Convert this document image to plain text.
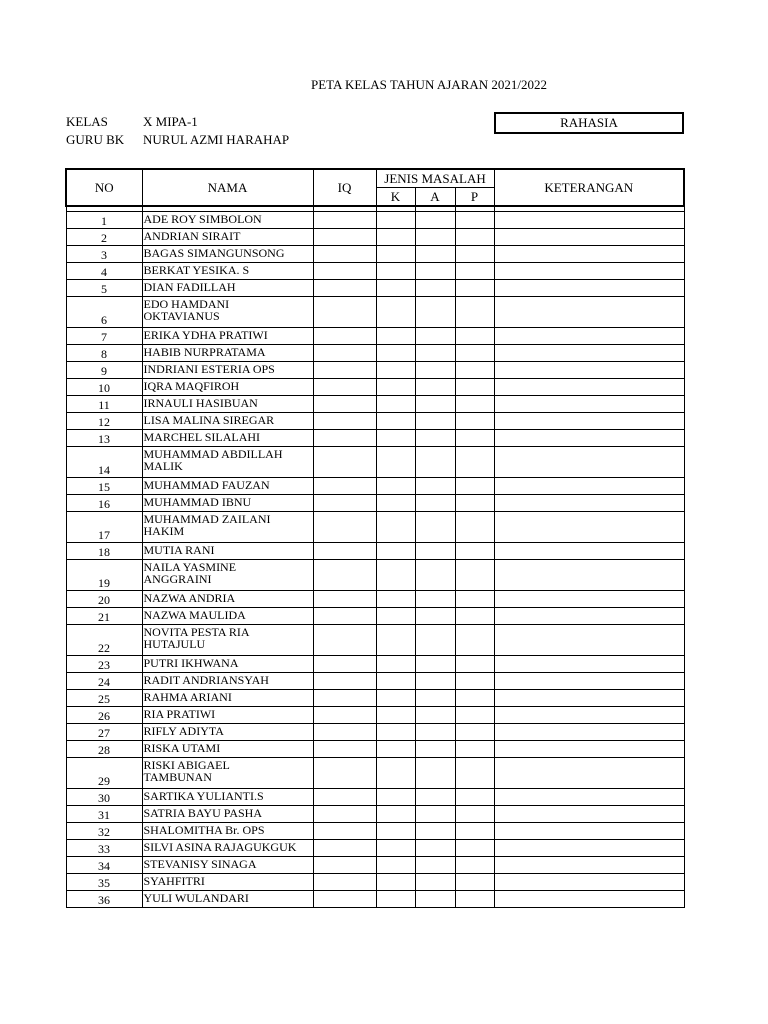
PETA KELAS TAHUN AJARAN 2021/2022
KELAS	X MIPA-1
GURU BK NURUL AZMI HARAHAP
RAHASIA
NO	NAMA	IQ	JENIS MASALAH			KETERANGAN
			K	A	P	

1	ADE ROY SIMBOLON					
2	ANDRIAN SIRAIT					
3	BAGAS SIMANGUNSONG					
4	BERKAT YESIKA. S					
5	DIAN FADILLAH					
6	EDO HAMDANI OKTAVIANUS					
7	ERIKA YDHA PRATIWI					
8	HABIB NURPRATAMA					
9	INDRIANI ESTERIA OPS					
10	IQRA MAQFIROH					
11	IRNAULI HASIBUAN					
12	LISA MALINA SIREGAR					
13	MARCHEL SILALAHI					
14	MUHAMMAD ABDILLAH MALIK					
15	MUHAMMAD FAUZAN					
16	MUHAMMAD IBNU					
17	MUHAMMAD ZAILANI HAKIM					
18	MUTIA RANI					
19	NAILA YASMINE ANGGRAINI					
20	NAZWA ANDRIA					
21	NAZWA MAULIDA					
22	NOVITA PESTA RIA HUTAJULU					
23	PUTRI IKHWANA					
24	RADIT ANDRIANSYAH					
25	RAHMA ARIANI					
26	RIA PRATIWI					
27	RIFLY ADIYTA					
28	RISKA UTAMI					
29	RISKI ABIGAEL TAMBUNAN					
30	SARTIKA YULIANTI.S					
31	SATRIA BAYU PASHA					
32	SHALOMITHA Br. OPS					
33	SILVI ASINA RAJAGUKGUK					
34	STEVANISY SINAGA					
35	SYAHFITRI					
36	YULI WULANDARI					
